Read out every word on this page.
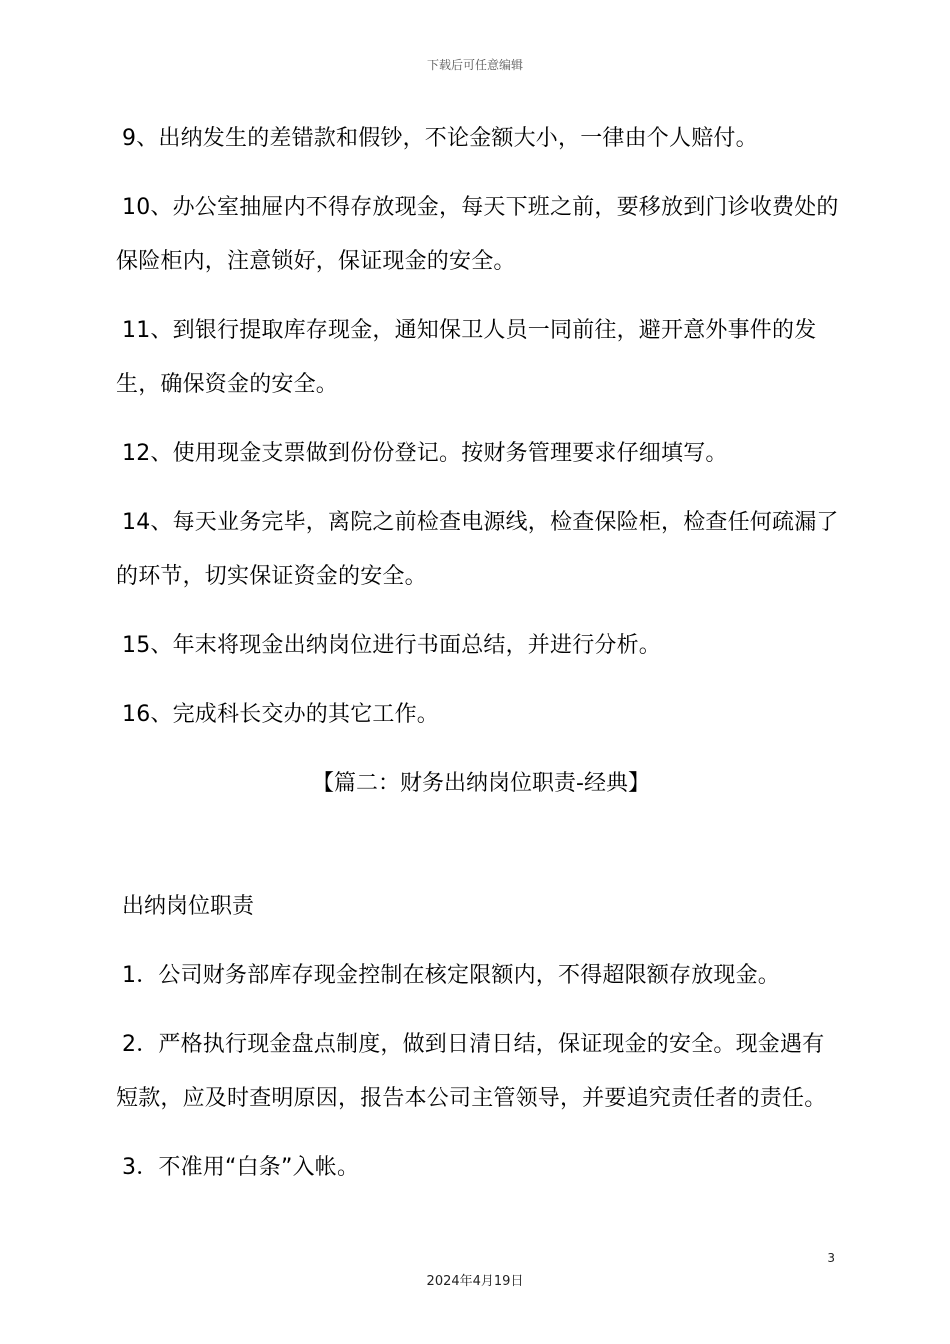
下载后可任意编辑

9、出纳发生的差错款和假钞，不论金额大小，一律由个人赔付。

10、办公室抽屉内不得存放现金，每天下班之前，要移放到门诊收费处的保险柜内，注意锁好，保证现金的安全。

11、到银行提取库存现金，通知保卫人员一同前往，避开意外事件的发生，确保资金的安全。

12、使用现金支票做到份份登记。按财务管理要求仔细填写。

14、每天业务完毕，离院之前检查电源线，检查保险柜，检查任何疏漏了的环节，切实保证资金的安全。

15、年末将现金出纳岗位进行书面总结，并进行分析。

16、完成科长交办的其它工作。

【篇二：财务出纳岗位职责-经典】
出纳岗位职责

1．公司财务部库存现金控制在核定限额内，不得超限额存放现金。

2．严格执行现金盘点制度，做到日清日结，保证现金的安全。现金遇有短款，应及时查明原因，报告本公司主管领导，并要追究责任者的责任。

3．不准用“白条”入帐。

3
2024年4月19日
